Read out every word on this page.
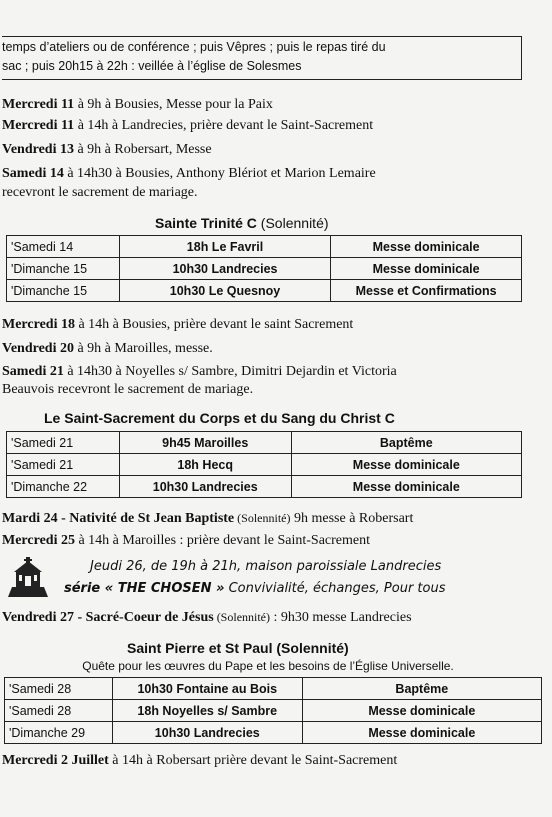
temps d’ateliers ou de conférence ; puis Vêpres ; puis le repas tiré du
sac ; puis 20h15 à 22h : veillée à l’église de Solesmes
Mercredi 11 à 9h à Bousies, Messe pour la Paix
Mercredi 11 à 14h à Landrecies, prière devant le Saint-Sacrement
Vendredi 13 à 9h à Robersart, Messe
Samedi 14 à 14h30 à Bousies, Anthony Blériot et Marion Lemaire
recevront le sacrement de mariage.
Sainte Trinité C (Solennité)
'Samedi 14	18h Le Favril	Messe dominicale
'Dimanche 15	10h30 Landrecies	Messe dominicale
'Dimanche 15	10h30 Le Quesnoy	Messe et Confirmations
Mercredi 18 à 14h à Bousies, prière devant le saint Sacrement
Vendredi 20 à 9h à Maroilles, messe.
Samedi 21 à 14h30 à Noyelles s/ Sambre, Dimitri Dejardin et Victoria
Beauvois recevront le sacrement de mariage.
Le Saint-Sacrement du Corps et du Sang du Christ C
'Samedi 21	9h45 Maroilles	Baptême
'Samedi 21	18h Hecq	Messe dominicale
'Dimanche 22	10h30 Landrecies	Messe dominicale
Mardi 24 - Nativité de St Jean Baptiste (Solennité) 9h messe à Robersart
Mercredi 25 à 14h à Maroilles : prière devant le Saint-Sacrement
Jeudi 26, de 19h à 21h, maison paroissiale Landrecies
série « THE CHOSEN » Convivialité, échanges, Pour tous
Vendredi 27 - Sacré-Coeur de Jésus (Solennité) : 9h30 messe Landrecies
Saint Pierre et St Paul (Solennité)
Quête pour les œuvres du Pape et les besoins de l’Église Universelle.
'Samedi 28	10h30 Fontaine au Bois	Baptême
'Samedi 28	18h Noyelles s/ Sambre	Messe dominicale
'Dimanche 29	10h30 Landrecies	Messe dominicale
Mercredi 2 Juillet à 14h à Robersart prière devant le Saint-Sacrement
